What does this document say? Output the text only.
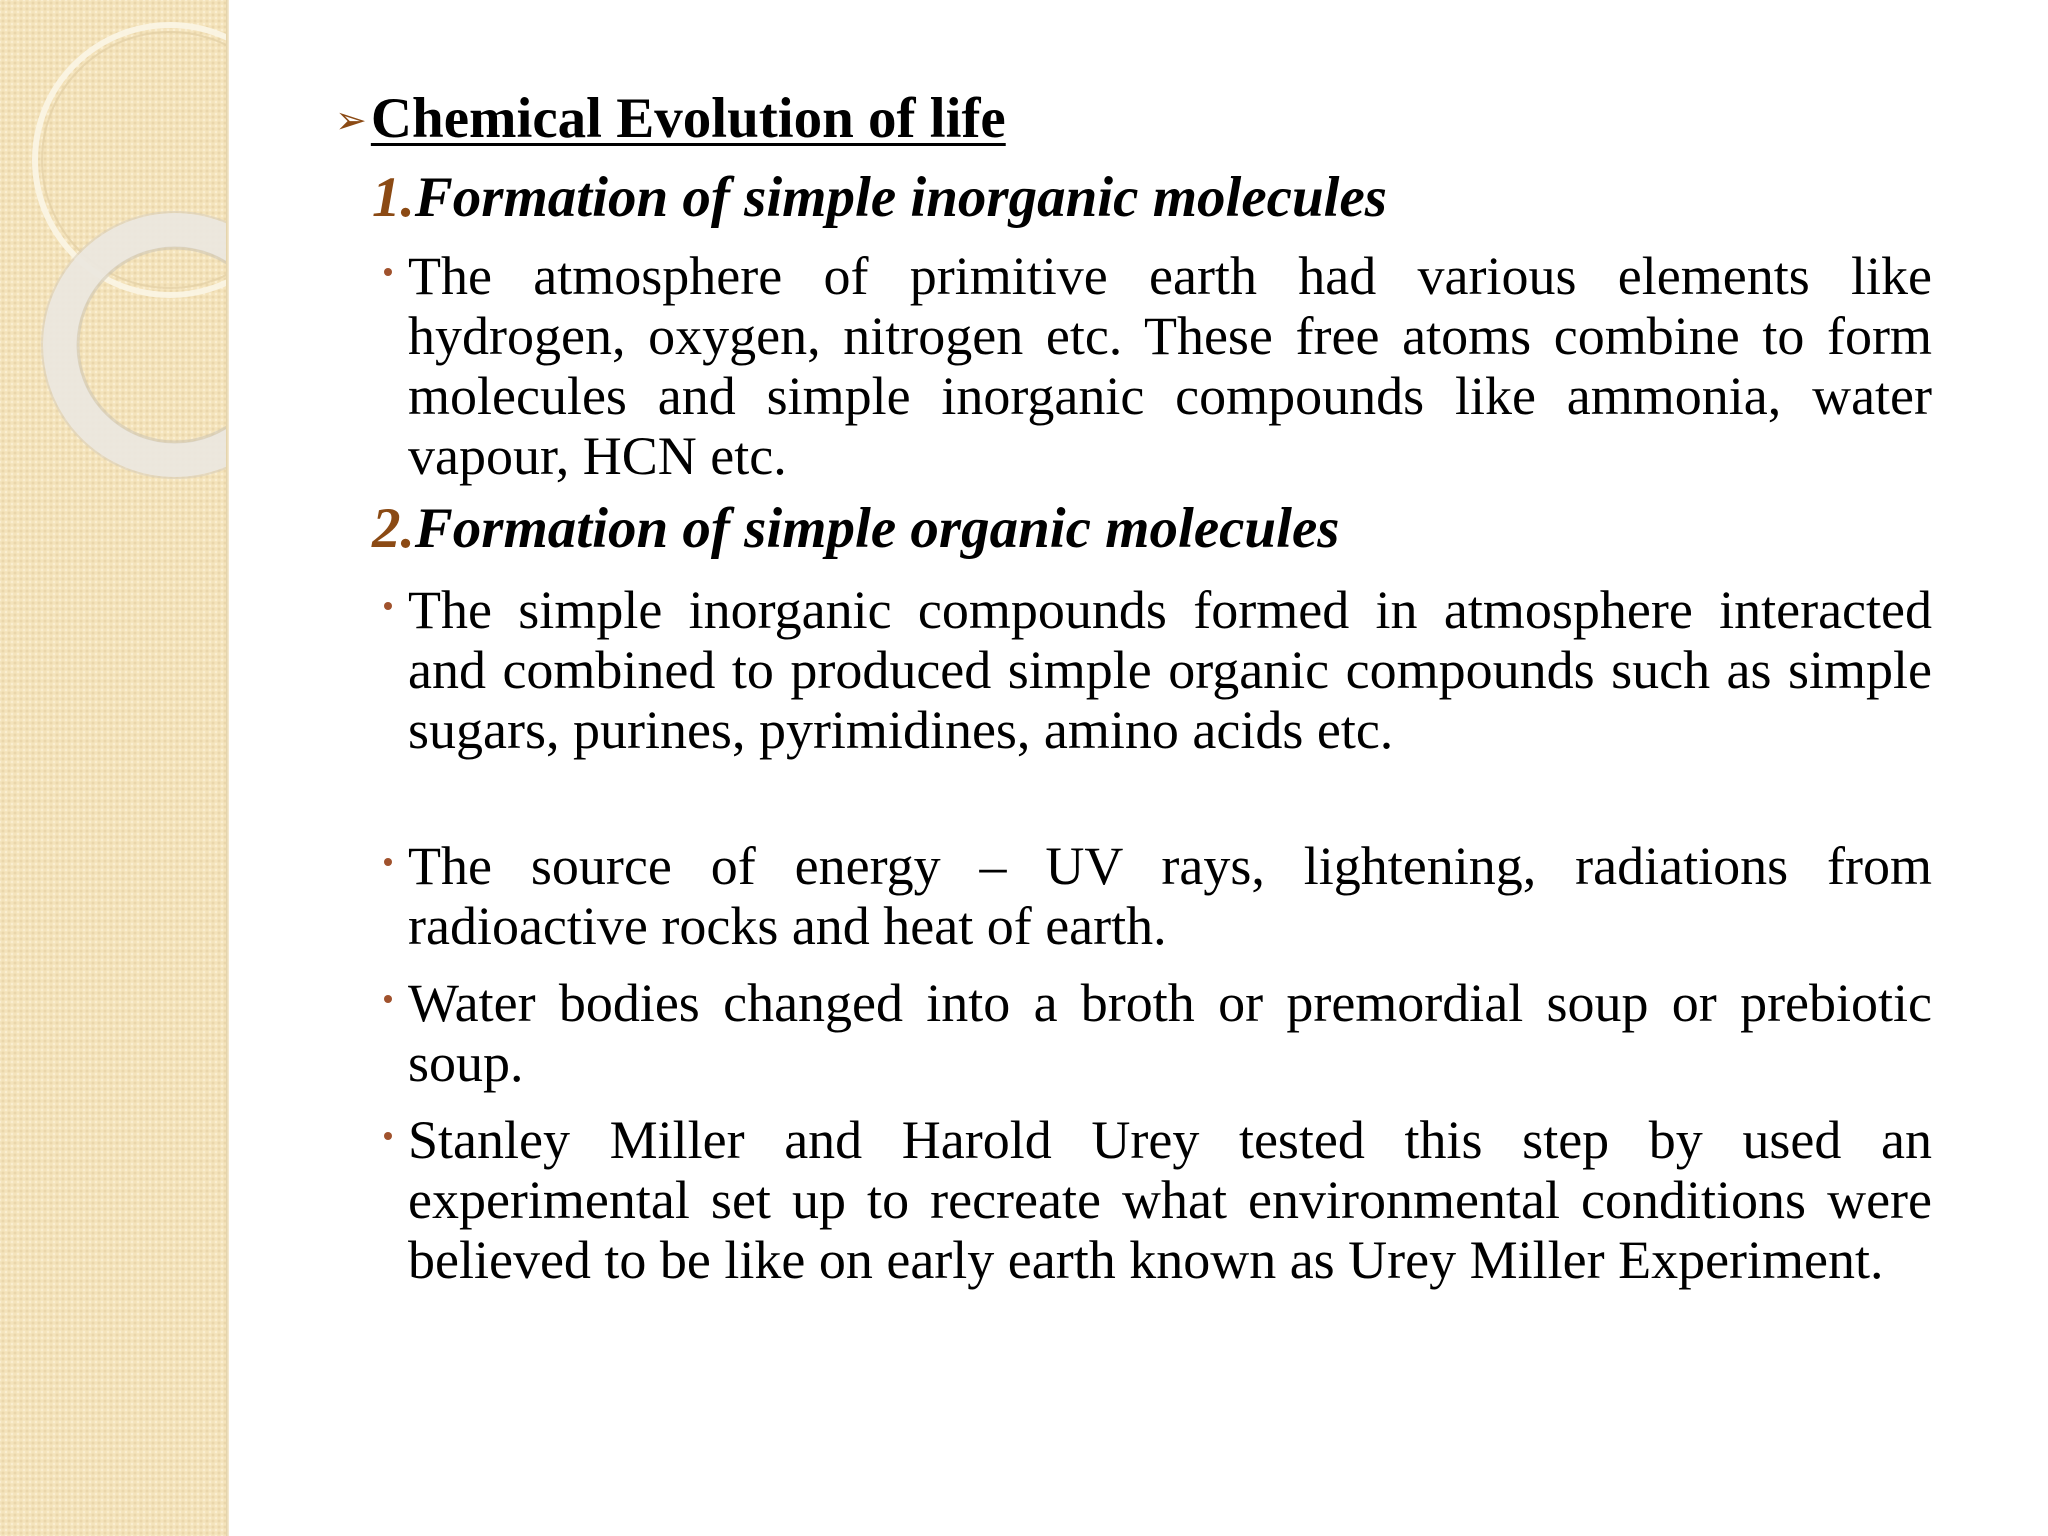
➢ Chemical Evolution of life
1.Formation of simple inorganic molecules
The atmosphere of primitive earth had various elements like hydrogen, oxygen, nitrogen etc. These free atoms combine to form molecules and simple inorganic compounds like ammonia, water vapour, HCN etc.
2.Formation of simple organic molecules
The simple inorganic compounds formed in atmosphere interacted and combined to produced simple organic compounds such as simple sugars, purines, pyrimidines, amino acids etc.
The source of energy – UV rays, lightening, radiations from radioactive rocks and heat of earth.
Water bodies changed into a broth or premordial soup or prebiotic soup.
Stanley Miller and Harold Urey tested this step by used an experimental set up to recreate what environmental conditions were believed to be like on early earth known as Urey Miller Experiment.
